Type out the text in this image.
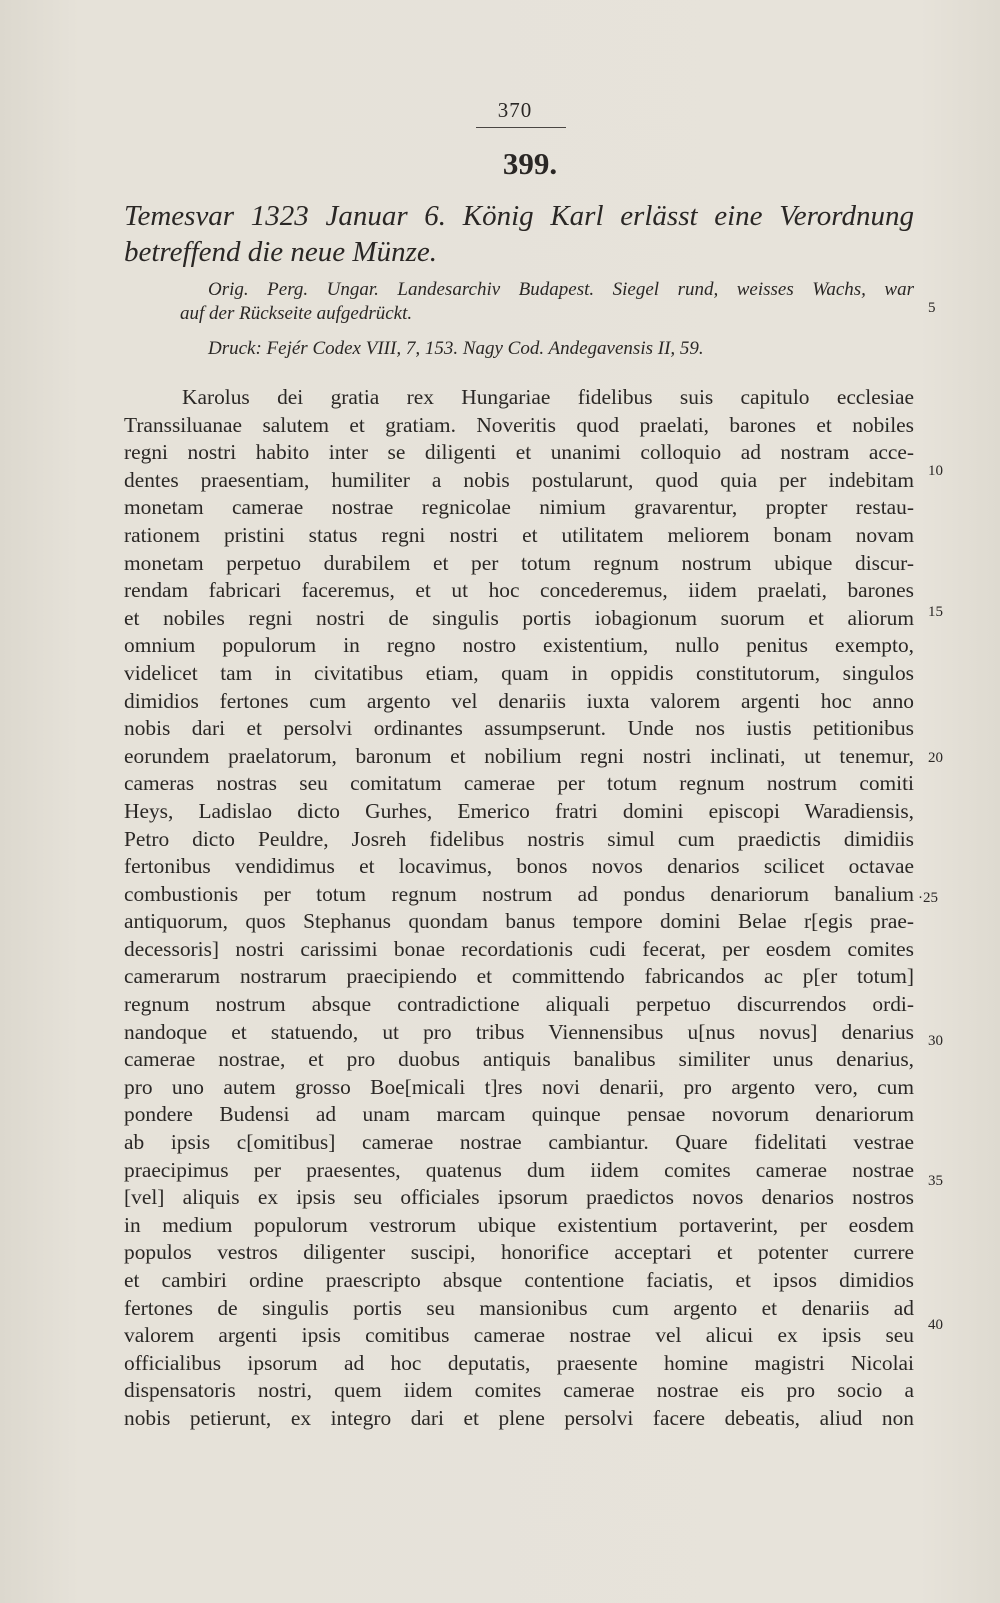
370
399.
Temesvar 1323 Januar 6. König Karl erlässt eine Verordnung betreffend die neue Münze.
Orig. Perg. Ungar. Landesarchiv Budapest. Siegel rund, weisses Wachs, war
auf der Rückseite aufgedrückt.
Druck: Fejér Codex VIII, 7, 153. Nagy Cod. Andegavensis II, 59.
Karolus dei gratia rex Hungariae fidelibus suis capitulo ecclesiae
Transsiluanae salutem et gratiam. Noveritis quod praelati, barones et nobiles
regni nostri habito inter se diligenti et unanimi colloquio ad nostram acce-
dentes praesentiam, humiliter a nobis postularunt, quod quia per indebitam
monetam camerae nostrae regnicolae nimium gravarentur, propter restau-
rationem pristini status regni nostri et utilitatem meliorem bonam novam
monetam perpetuo durabilem et per totum regnum nostrum ubique discur-
rendam fabricari faceremus, et ut hoc concederemus, iidem praelati, barones
et nobiles regni nostri de singulis portis iobagionum suorum et aliorum
omnium populorum in regno nostro existentium, nullo penitus exempto,
videlicet tam in civitatibus etiam, quam in oppidis constitutorum, singulos
dimidios fertones cum argento vel denariis iuxta valorem argenti hoc anno
nobis dari et persolvi ordinantes assumpserunt. Unde nos iustis petitionibus
eorundem praelatorum, baronum et nobilium regni nostri inclinati, ut tenemur,
cameras nostras seu comitatum camerae per totum regnum nostrum comiti
Heys, Ladislao dicto Gurhes, Emerico fratri domini episcopi Waradiensis,
Petro dicto Peuldre, Josreh fidelibus nostris simul cum praedictis dimidiis
fertonibus vendidimus et locavimus, bonos novos denarios scilicet octavae
combustionis per totum regnum nostrum ad pondus denariorum banalium
antiquorum, quos Stephanus quondam banus tempore domini Belae r[egis prae-
decessoris] nostri carissimi bonae recordationis cudi fecerat, per eosdem comites
camerarum nostrarum praecipiendo et committendo fabricandos ac p[er totum]
regnum nostrum absque contradictione aliquali perpetuo discurrendos ordi-
nandoque et statuendo, ut pro tribus Viennensibus u[nus novus] denarius
camerae nostrae, et pro duobus antiquis banalibus similiter unus denarius,
pro uno autem grosso Boe[micali t]res novi denarii, pro argento vero, cum
pondere Budensi ad unam marcam quinque pensae novorum denariorum
ab ipsis c[omitibus] camerae nostrae cambiantur. Quare fidelitati vestrae
praecipimus per praesentes, quatenus dum iidem comites camerae nostrae
[vel] aliquis ex ipsis seu officiales ipsorum praedictos novos denarios nostros
in medium populorum vestrorum ubique existentium portaverint, per eosdem
populos vestros diligenter suscipi, honorifice acceptari et potenter currere
et cambiri ordine praescripto absque contentione faciatis, et ipsos dimidios
fertones de singulis portis seu mansionibus cum argento et denariis ad
valorem argenti ipsis comitibus camerae nostrae vel alicui ex ipsis seu
officialibus ipsorum ad hoc deputatis, praesente homine magistri Nicolai
dispensatoris nostri, quem iidem comites camerae nostrae eis pro socio a
nobis petierunt, ex integro dari et plene persolvi facere debeatis, aliud non
5
10
15
20
·25
30
35
40
